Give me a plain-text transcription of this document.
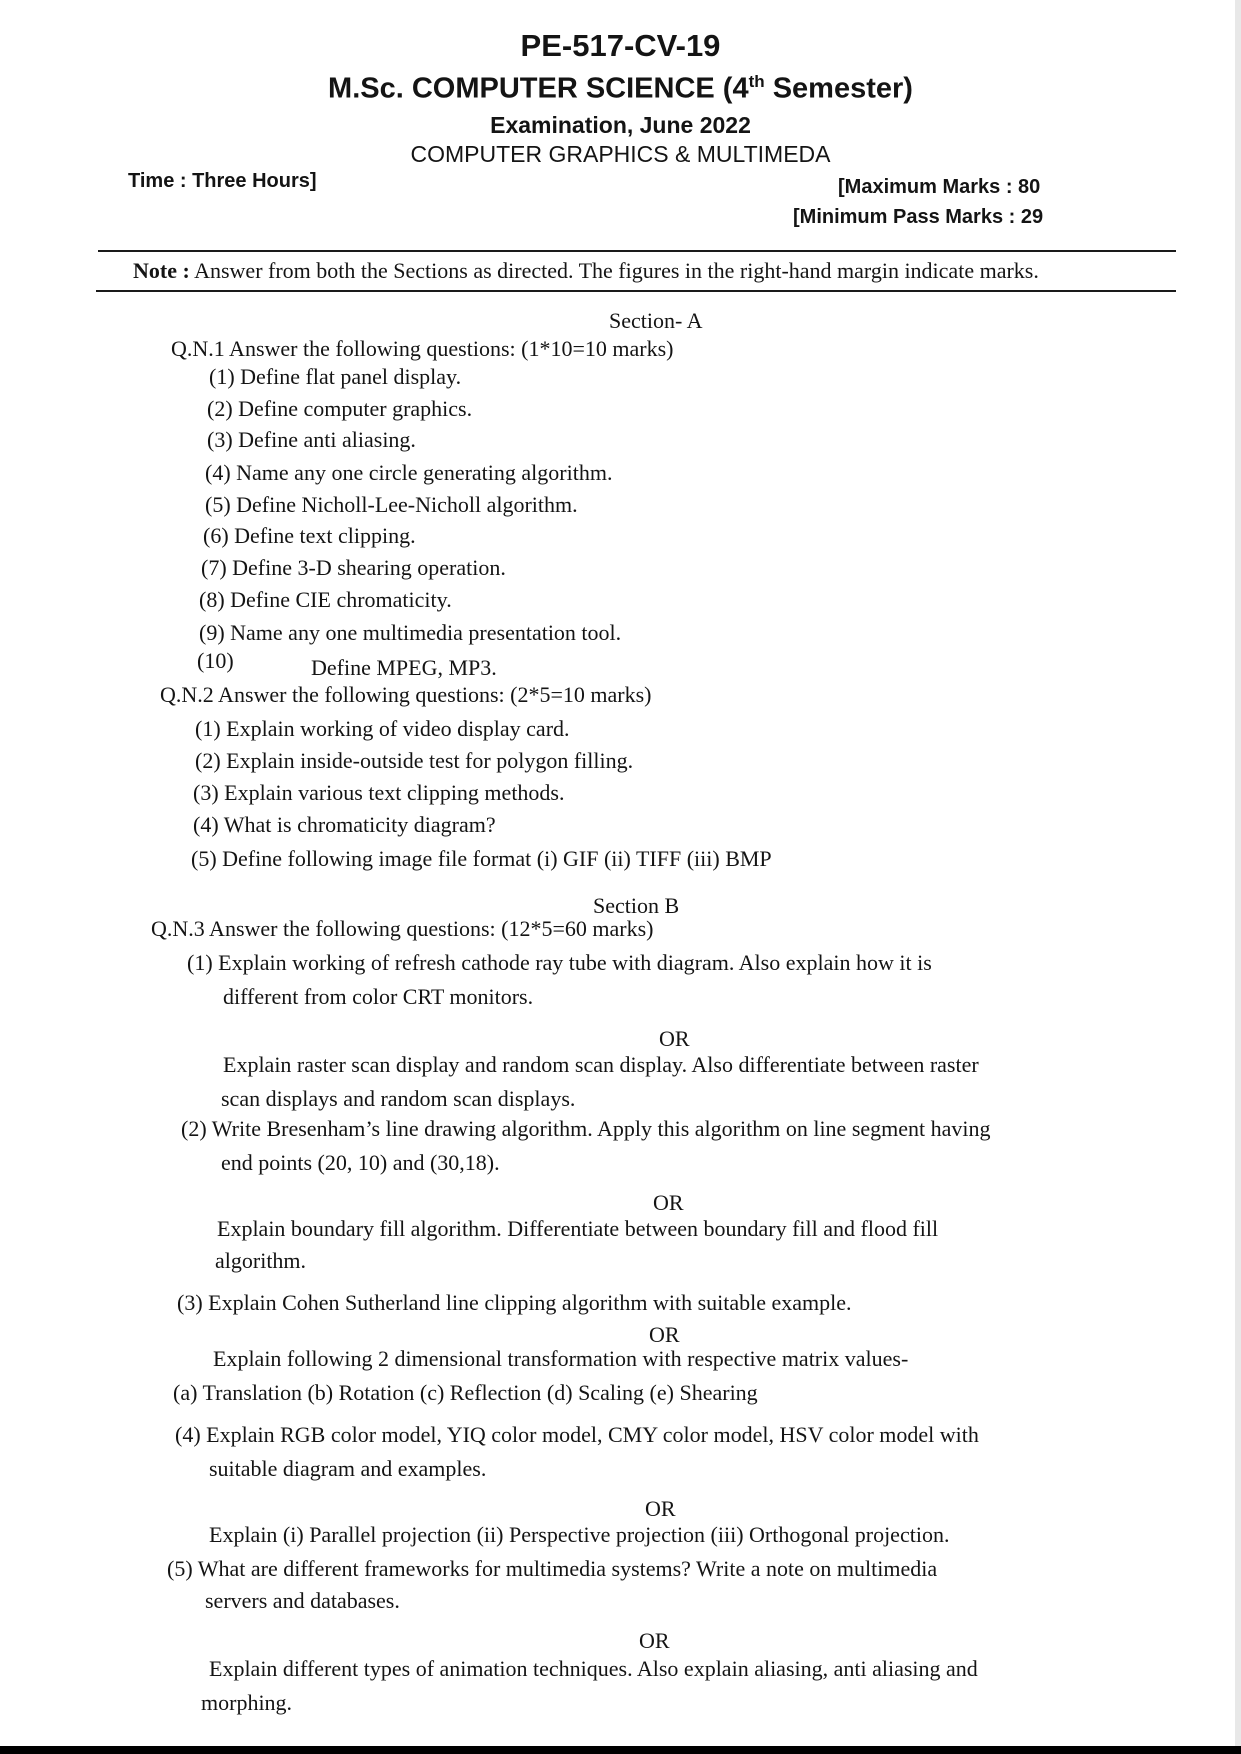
PE-517-CV-19
M.Sc. COMPUTER SCIENCE (4th Semester)
Examination, June 2022
COMPUTER GRAPHICS & MULTIMEDA
Time : Three Hours]	[Maximum Marks : 80
[Minimum Pass Marks : 29
Note : Answer from both the Sections as directed. The figures in the right-hand margin indicate marks.
Section- A
Q.N.1 Answer the following questions: (1*10=10 marks)
(1) Define flat panel display.
(2) Define computer graphics.
(3) Define anti aliasing.
(4) Name any one circle generating algorithm.
(5) Define Nicholl-Lee-Nicholl algorithm.
(6) Define text clipping.
(7) Define 3-D shearing operation.
(8) Define CIE chromaticity.
(9) Name any one multimedia presentation tool.
(10)	Define MPEG, MP3.
Q.N.2 Answer the following questions: (2*5=10 marks)
(1) Explain working of video display card.
(2) Explain inside-outside test for polygon filling.
(3) Explain various text clipping methods.
(4) What is chromaticity diagram?
(5) Define following image file format (i) GIF (ii) TIFF (iii) BMP
Section B
Q.N.3 Answer the following questions: (12*5=60 marks)
(1) Explain working of refresh cathode ray tube with diagram. Also explain how it is
different from color CRT monitors.
OR
Explain raster scan display and random scan display. Also differentiate between raster
scan displays and random scan displays.
(2) Write Bresenham’s line drawing algorithm. Apply this algorithm on line segment having
end points (20, 10) and (30,18).
OR
Explain boundary fill algorithm. Differentiate between boundary fill and flood fill
algorithm.
(3) Explain Cohen Sutherland line clipping algorithm with suitable example.
OR
Explain following 2 dimensional transformation with respective matrix values-
(a) Translation (b) Rotation (c) Reflection (d) Scaling (e) Shearing
(4) Explain RGB color model, YIQ color model, CMY color model, HSV color model with
suitable diagram and examples.
OR
Explain (i) Parallel projection (ii) Perspective projection (iii) Orthogonal projection.
(5) What are different frameworks for multimedia systems? Write a note on multimedia
servers and databases.
OR
Explain different types of animation techniques. Also explain aliasing, anti aliasing and
morphing.
